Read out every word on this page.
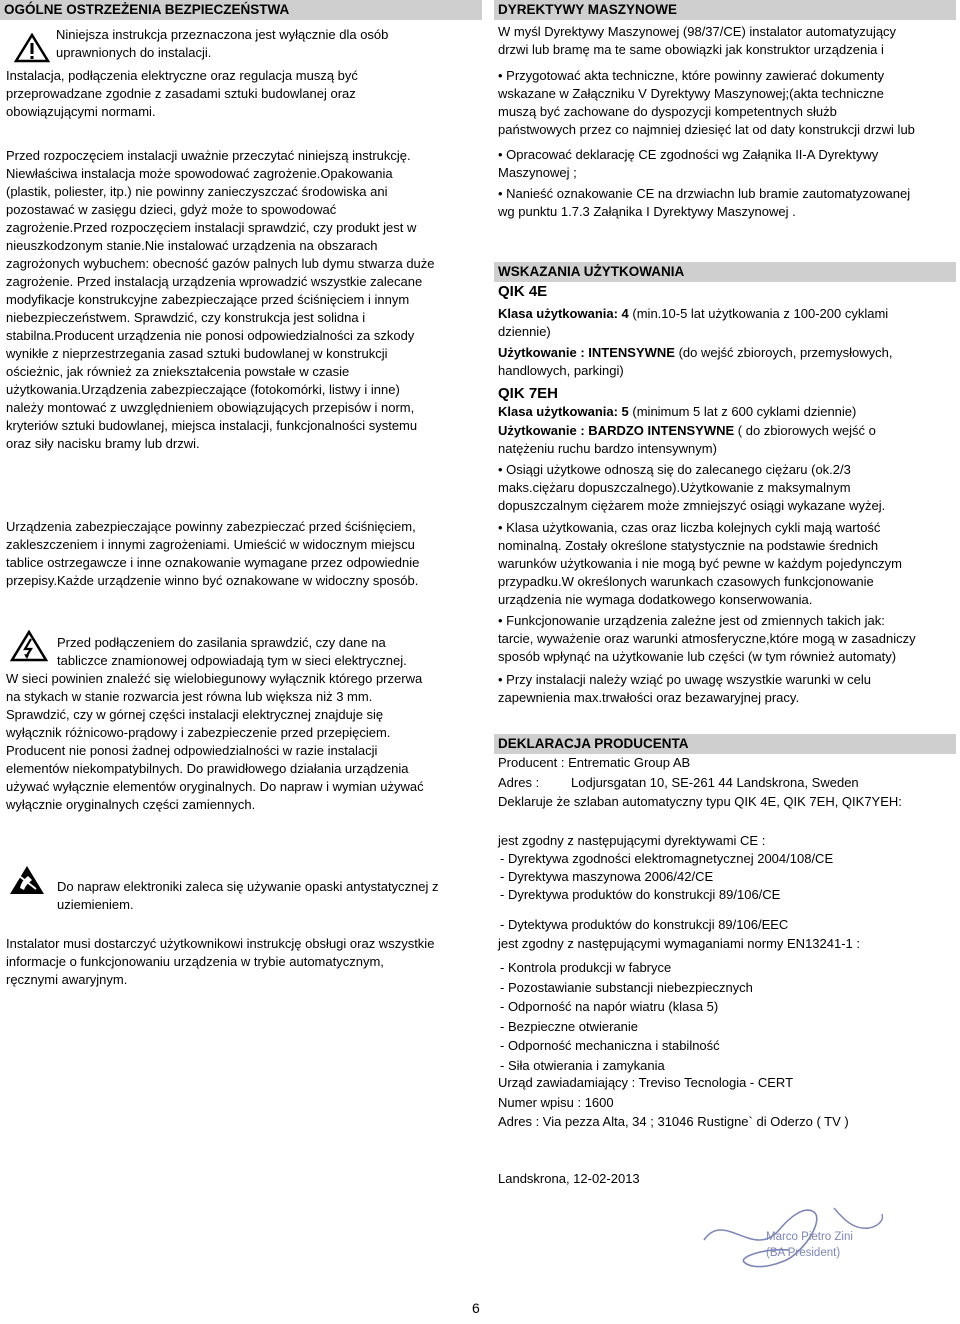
OGÓLNE OSTRZEŻENIA BEZPIECZEŃSTWA
Niniejsza instrukcja przeznaczona jest wyłącznie dla osób
uprawnionych do instalacji.
Instalacja, podłączenia elektryczne oraz regulacja muszą być
przeprowadzane zgodnie z zasadami sztuki budowlanej oraz
obowiązującymi normami.
Przed rozpoczęciem instalacji uważnie przeczytać niniejszą instrukcję.
Niewłaściwa instalacja może spowodować zagrożenie.Opakowania
(plastik, poliester, itp.) nie powinny zanieczyszczać środowiska ani
pozostawać w zasięgu dzieci, gdyż może to spowodować
zagrożenie.Przed rozpoczęciem instalacji sprawdzić, czy produkt jest w
nieuszkodzonym stanie.Nie instalować urządzenia na obszarach
zagrożonych wybuchem: obecność gazów palnych lub dymu stwarza duże
zagrożenie. Przed instalacją urządzenia wprowadzić wszystkie zalecane
modyfikacje konstrukcyjne zabezpieczające przed ściśnięciem i innym
niebezpieczeństwem. Sprawdzić, czy konstrukcja jest solidna i
stabilna.Producent urządzenia nie ponosi odpowiedzialności za szkody
wynikłe z nieprzestrzegania zasad sztuki budowlanej w konstrukcji
ościeżnic, jak również za zniekształcenia powstałe w czasie
użytkowania.Urządzenia zabezpieczające (fotokomórki, listwy i inne)
należy montować z uwzględnieniem obowiązujących przepisów i norm,
kryteriów sztuki budowlanej, miejsca instalacji, funkcjonalności systemu
oraz siły nacisku bramy lub drzwi.
Urządzenia zabezpieczające powinny zabezpieczać przed ściśnięciem,
zakleszczeniem i innymi zagrożeniami. Umieścić w widocznym miejscu
tablice ostrzegawcze i inne oznakowanie wymagane przez odpowiednie
przepisy.Każde urządzenie winno być oznakowane w widoczny sposób.
Przed podłączeniem do zasilania sprawdzić, czy dane na
tabliczce znamionowej odpowiadają tym w sieci elektrycznej.
W sieci powinien znaleźć się wielobiegunowy wyłącznik którego przerwa
na stykach w stanie rozwarcia jest równa lub większa niż 3 mm.
Sprawdzić, czy w górnej części instalacji elektrycznej znajduje się
wyłącznik różnicowo-prądowy i zabezpieczenie przed przepięciem.
Producent nie ponosi żadnej odpowiedzialności w razie instalacji
elementów niekompatybilnych. Do prawidłowego działania urządzenia
używać wyłącznie elementów oryginalnych. Do napraw i wymian używać
wyłącznie oryginalnych części zamiennych.
Do napraw elektroniki zaleca się używanie opaski antystatycznej z
uziemieniem.
Instalator musi dostarczyć użytkownikowi instrukcję obsługi oraz wszystkie
informacje o funkcjonowaniu urządzenia w trybie automatycznym,
ręcznymi awaryjnym.
DYREKTYWY MASZYNOWE
W myśl Dyrektywy Maszynowej (98/37/CE) instalator automatyzujący
drzwi lub bramę ma te same obowiązki jak konstruktor urządzenia i
• Przygotować akta techniczne, które powinny zawierać dokumenty
wskazane w Załączniku V Dyrektywy Maszynowej;(akta techniczne
muszą być zachowane do dyspozycji kompetentnych służb
państwowych przez co najmniej dziesięć lat od daty konstrukcji drzwi lub
• Opracować deklarację CE zgodności wg Załąnika II-A Dyrektywy
Maszynowej ;
• Nanieść oznakowanie CE na drzwiachn lub bramie zautomatyzowanej
wg punktu 1.7.3 Załąnika I Dyrektywy Maszynowej .
WSKAZANIA UŻYTKOWANIA
QIK 4E
Klasa użytkowania: 4 (min.10-5 lat użytkowania z 100-200 cyklami
dziennie)
Użytkowanie : INTENSYWNE (do wejść zbioroych, przemysłowych,
handlowych, parkingi)
QIK 7EH
Klasa użytkowania: 5 (minimum 5 lat z 600 cyklami dziennie)
Użytkowanie : BARDZO INTENSYWNE ( do zbiorowych wejść o
natężeniu ruchu bardzo intensywnym)
• Osiągi użytkowe odnoszą się do zalecanego ciężaru (ok.2/3
maks.ciężaru dopuszczalnego).Użytkowanie z maksymalnym
dopuszczalnym ciężarem może zmniejszyć osiągi wykazane wyżej.
• Klasa użytkowania, czas oraz liczba kolejnych cykli mają wartość
nominalną. Zostały określone statystycznie na podstawie średnich
warunków użytkowania i nie mogą być pewne w każdym pojedynczym
przypadku.W określonych warunkach czasowych funkcjonowanie
urządzenia nie wymaga dodatkowego konserwowania.
• Funkcjonowanie urządzenia zależne jest od zmiennych takich jak:
tarcie, wyważenie oraz warunki atmosferyczne,które mogą w zasadniczy
sposób wpłynąć na użytkowanie lub części (w tym również automaty)
• Przy instalacji należy wziąć po uwagę wszystkie warunki w celu
zapewnienia max.trwałości oraz bezawaryjnej pracy.
DEKLARACJA PRODUCENTA
Producent : Entrematic Group AB
Adres : Lodjursgatan 10, SE-261 44 Landskrona, Sweden
Deklaruje że szlaban automatyczny typu QIK 4E, QIK 7EH, QIK7YEH:
jest zgodny z następującymi dyrektywami CE :
- Dyrektywa zgodności elektromagnetycznej 2004/108/CE
- Dyrektywa maszynowa 2006/42/CE
- Dyrektywa produktów do konstrukcji 89/106/CE
- Dytektywa produktów do konstrukcji 89/106/EEC
jest zgodny z następującymi wymaganiami normy EN13241-1 :
- Kontrola produkcji w fabryce
- Pozostawianie substancji niebezpiecznych
- Odporność na napór wiatru (klasa 5)
- Bezpieczne otwieranie
- Odporność mechaniczna i stabilność
- Siła otwierania i zamykania
Urząd zawiadamiający : Treviso Tecnologia - CERT
Numer wpisu : 1600
Adres : Via pezza Alta, 34 ; 31046 Rustigne` di Oderzo ( TV )
Landskrona, 12-02-2013
Marco Pietro Zini
(BA President)
6
